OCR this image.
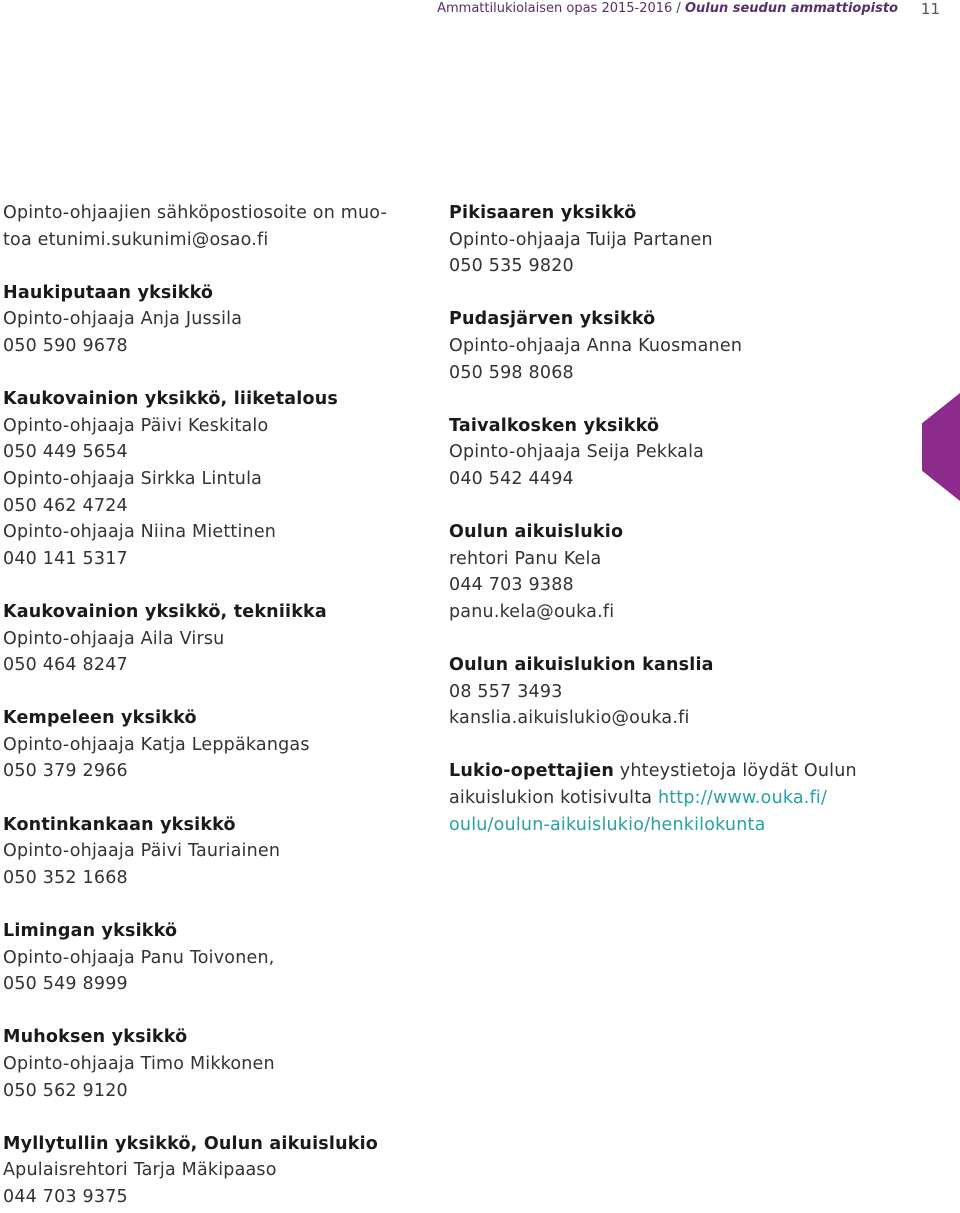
Ammattilukiolaisen opas 2015-2016 / Oulun seudun ammattiopisto 11
Opinto-ohjaajien sähköpostiosoite on muo-
toa etunimi.sukunimi@osao.fi
Haukiputaan yksikkö
Opinto-ohjaaja Anja Jussila
050 590 9678
Kaukovainion yksikkö, liiketalous
Opinto-ohjaaja Päivi Keskitalo
050 449 5654
Opinto-ohjaaja Sirkka Lintula
050 462 4724
Opinto-ohjaaja Niina Miettinen
040 141 5317
Kaukovainion yksikkö, tekniikka
Opinto-ohjaaja Aila Virsu
050 464 8247
Kempeleen yksikkö
Opinto-ohjaaja Katja Leppäkangas
050 379 2966
Kontinkankaan yksikkö
Opinto-ohjaaja Päivi Tauriainen
050 352 1668
Limingan yksikkö
Opinto-ohjaaja Panu Toivonen,
050 549 8999
Muhoksen yksikkö
Opinto-ohjaaja Timo Mikkonen
050 562 9120
Myllytullin yksikkö, Oulun aikuislukio
Apulaisrehtori Tarja Mäkipaaso
044 703 9375
Pikisaaren yksikkö
Opinto-ohjaaja Tuija Partanen
050 535 9820
Pudasjärven yksikkö
Opinto-ohjaaja Anna Kuosmanen
050 598 8068
Taivalkosken yksikkö
Opinto-ohjaaja Seija Pekkala
040 542 4494
Oulun aikuislukio
rehtori Panu Kela
044 703 9388
panu.kela@ouka.fi
Oulun aikuislukion kanslia
08 557 3493
kanslia.aikuislukio@ouka.fi
Lukio-opettajien yhteystietoja löydät Oulun
aikuislukion kotisivulta http://www.ouka.fi/
oulu/oulun-aikuislukio/henkilokunta
